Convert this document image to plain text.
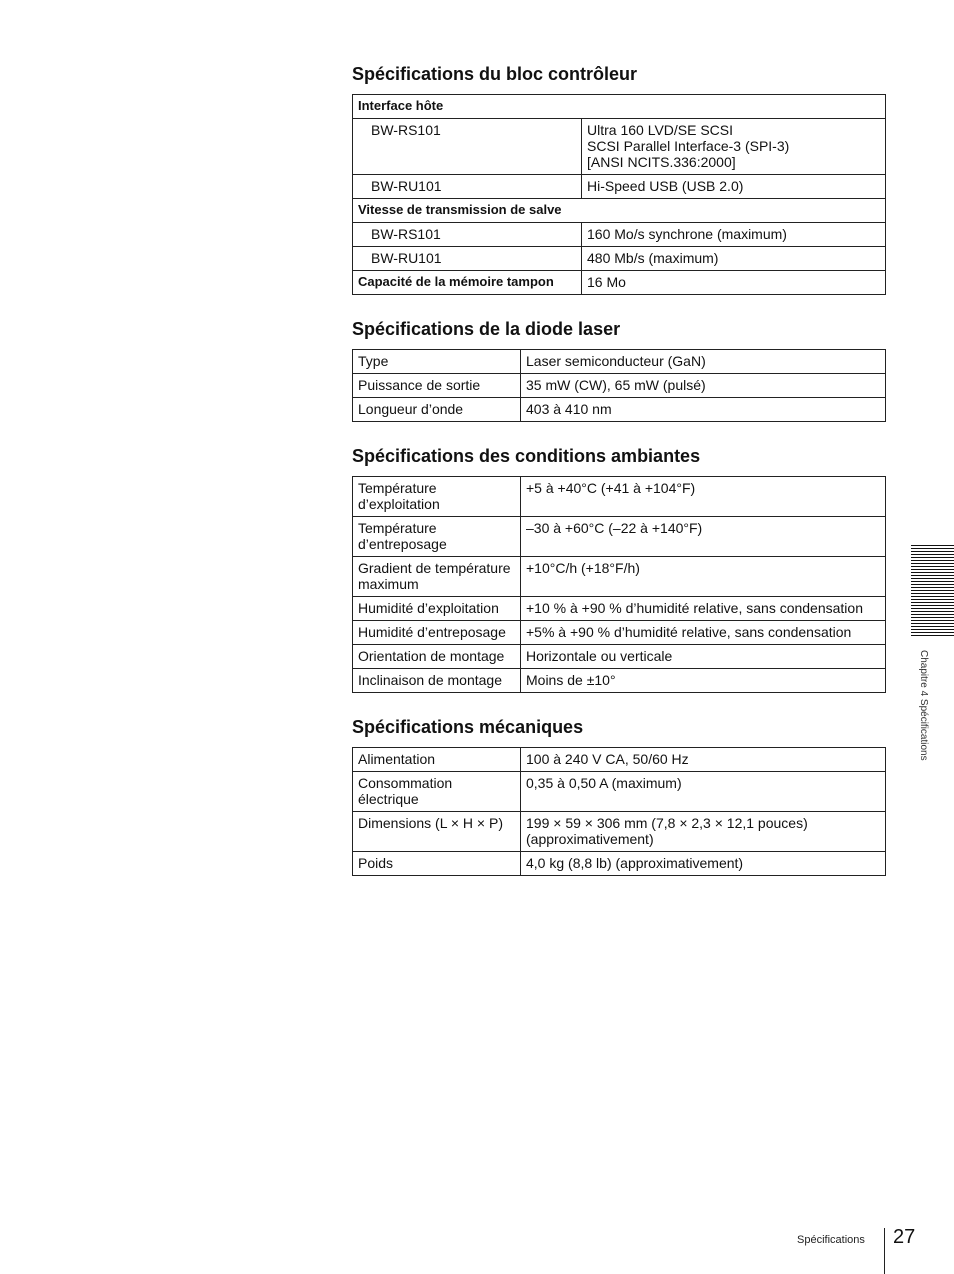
Spécifications du bloc contrôleur
Interface hôte	
BW-RS101	Ultra 160 LVD/SE SCSI
SCSI Parallel Interface-3 (SPI-3)
[ANSI NCITS.336:2000]
BW-RU101	Hi-Speed USB (USB 2.0)
Vitesse de transmission de salve	
BW-RS101	160 Mo/s synchrone (maximum)
BW-RU101	480 Mb/s (maximum)
Capacité de la mémoire tampon	16 Mo
Spécifications de la diode laser
Type	Laser semiconducteur (GaN)
Puissance de sortie	35 mW (CW), 65 mW (pulsé)
Longueur d’onde	403 à 410 nm
Spécifications des conditions ambiantes
Température
d’exploitation	+5 à +40°C (+41 à +104°F)
Température
d’entreposage	–30 à +60°C (–22 à +140°F)
Gradient de température
maximum	+10°C/h (+18°F/h)
Humidité d’exploitation	+10 % à +90 % d’humidité relative, sans condensation
Humidité d’entreposage	+5% à +90 % d’humidité relative, sans condensation
Orientation de montage	Horizontale ou verticale
Inclinaison de montage	Moins de ±10°
Spécifications mécaniques
Alimentation	100 à 240 V CA, 50/60 Hz
Consommation
électrique	0,35 à 0,50 A (maximum)
Dimensions (L × H × P)	199 × 59 × 306 mm (7,8 × 2,3 × 12,1 pouces)
(approximativement)
Poids	4,0 kg (8,8 lb) (approximativement)
Chapitre 4 Spécifications
Spécifications 27
